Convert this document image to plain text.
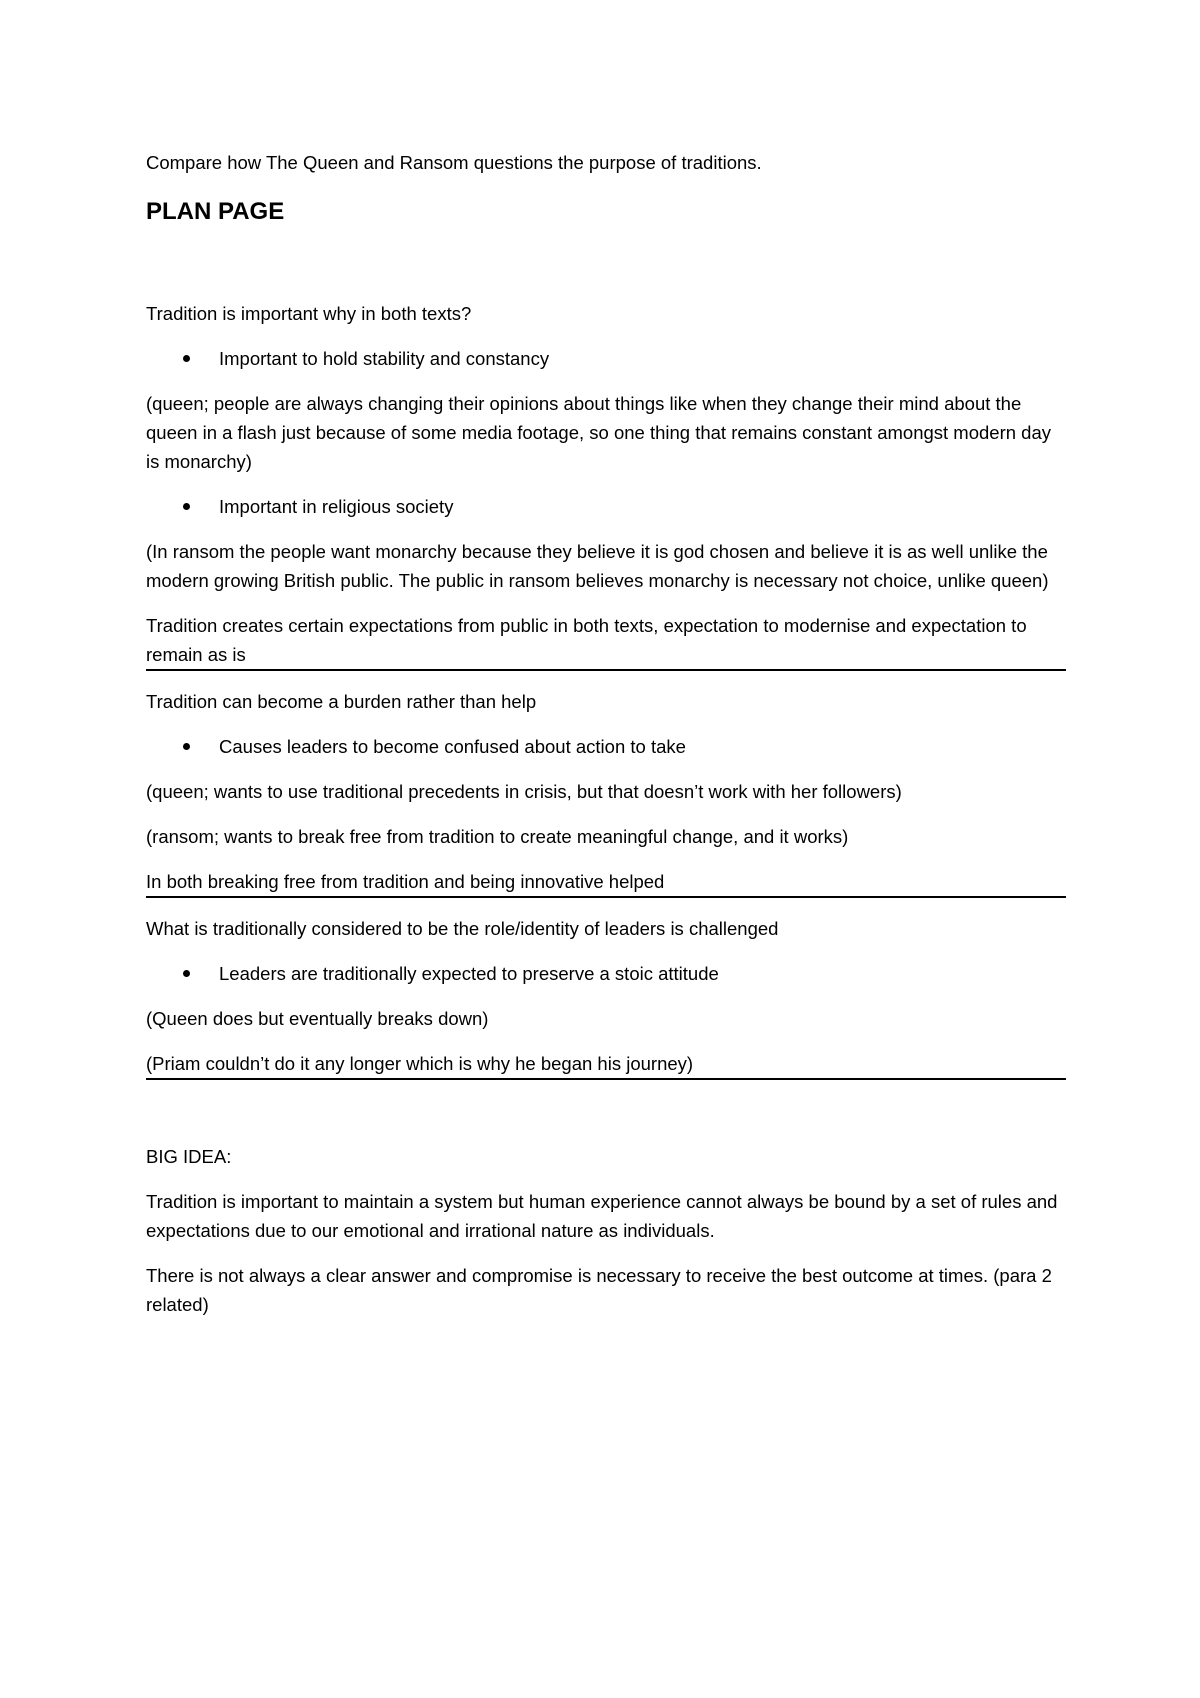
Compare how The Queen and Ransom questions the purpose of traditions.

PLAN PAGE

Tradition is important why in both texts?

Important to hold stability and constancy

(queen; people are always changing their opinions about things like when they change their mind about the queen in a flash just because of some media footage, so one thing that remains constant amongst modern day is monarchy)

Important in religious society

(In ransom the people want monarchy because they believe it is god chosen and believe it is as well unlike the modern growing British public. The public in ransom believes monarchy is necessary not choice, unlike queen)

Tradition creates certain expectations from public in both texts, expectation to modernise and expectation to remain as is

Tradition can become a burden rather than help

Causes leaders to become confused about action to take

(queen; wants to use traditional precedents in crisis, but that doesn’t work with her followers)

(ransom; wants to break free from tradition to create meaningful change, and it works)

In both breaking free from tradition and being innovative helped

What is traditionally considered to be the role/identity of leaders is challenged

Leaders are traditionally expected to preserve a stoic attitude

(Queen does but eventually breaks down)

(Priam couldn’t do it any longer which is why he began his journey)

BIG IDEA:

Tradition is important to maintain a system but human experience cannot always be bound by a set of rules and expectations due to our emotional and irrational nature as individuals.

There is not always a clear answer and compromise is necessary to receive the best outcome at times. (para 2 related)
